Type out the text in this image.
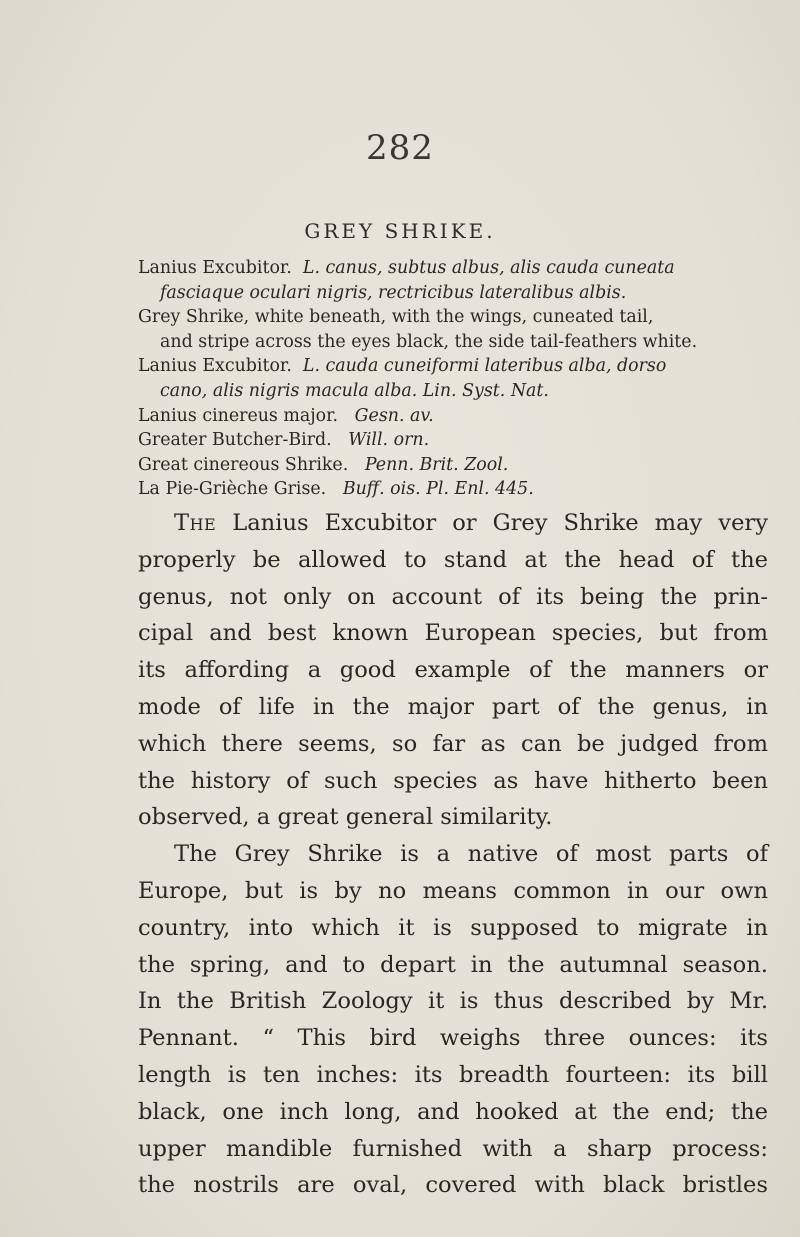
282
GREY SHRIKE.

Lanius Excubitor. L. canus, subtus albus, alis cauda cuneata

fasciaque oculari nigris, rectricibus lateralibus albis.

Grey Shrike, white beneath, with the wings, cuneated tail,

and stripe across the eyes black, the side tail-feathers white.

Lanius Excubitor. L. cauda cuneiformi lateribus alba, dorso

cano, alis nigris macula alba. Lin. Syst. Nat.

Lanius cinereus major. Gesn. av.

Greater Butcher-Bird. Will. orn.

Great cinereous Shrike. Penn. Brit. Zool.

La Pie-Grièche Grise. Buff. ois. Pl. Enl. 445.

The Lanius Excubitor or Grey Shrike may very

properly be allowed to stand at the head of the

genus, not only on account of its being the prin-

cipal and best known European species, but from

its affording a good example of the manners or

mode of life in the major part of the genus, in

which there seems, so far as can be judged from

the history of such species as have hitherto been

observed, a great general similarity.

The Grey Shrike is a native of most parts of

Europe, but is by no means common in our own

country, into which it is supposed to migrate in

the spring, and to depart in the autumnal season.

In the British Zoology it is thus described by Mr.

Pennant. “ This bird weighs three ounces: its

length is ten inches: its breadth fourteen: its bill

black, one inch long, and hooked at the end; the

upper mandible furnished with a sharp process:

the nostrils are oval, covered with black bristles
